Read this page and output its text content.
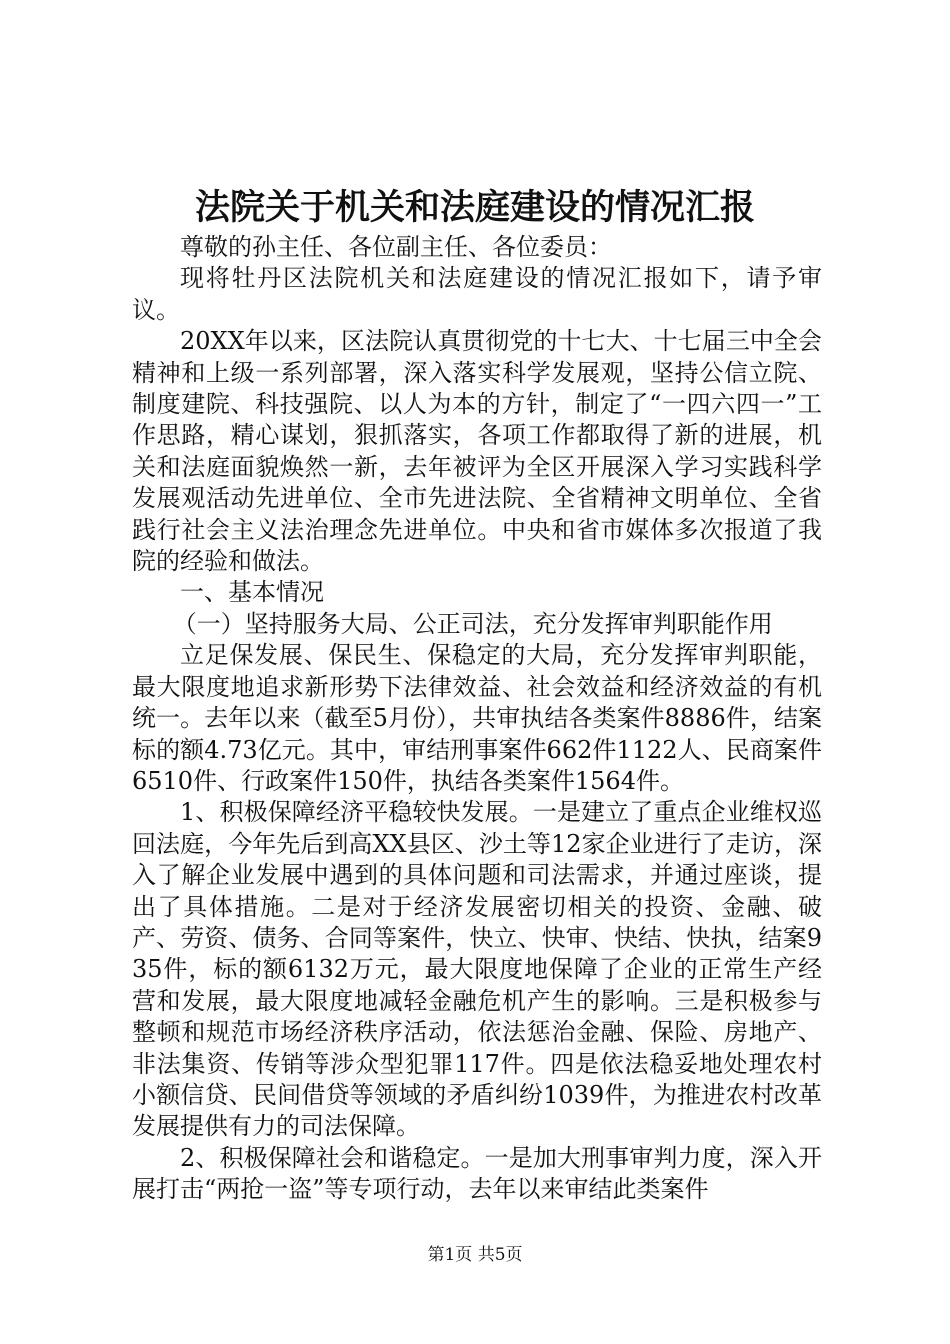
法院关于机关和法庭建设的情况汇报

尊敬的孙主任、各位副主任、各位委员：

现将牡丹区法院机关和法庭建设的情况汇报如下，请予审议。

20XX年以来，区法院认真贯彻党的十七大、十七届三中全会精神和上级一系列部署，深入落实科学发展观，坚持公信立院、制度建院、科技强院、以人为本的方针，制定了“一四六四一”工作思路，精心谋划，狠抓落实，各项工作都取得了新的进展，机关和法庭面貌焕然一新，去年被评为全区开展深入学习实践科学发展观活动先进单位、全市先进法院、全省精神文明单位、全省践行社会主义法治理念先进单位。中央和省市媒体多次报道了我院的经验和做法。

一、基本情况

（一）坚持服务大局、公正司法，充分发挥审判职能作用

立足保发展、保民生、保稳定的大局，充分发挥审判职能，最大限度地追求新形势下法律效益、社会效益和经济效益的有机统一。去年以来（截至5月份），共审执结各类案件8886件，结案标的额4.73亿元。其中，审结刑事案件662件1122人、民商案件6510件、行政案件150件，执结各类案件1564件。

1、积极保障经济平稳较快发展。一是建立了重点企业维权巡回法庭，今年先后到高XX县区、沙土等12家企业进行了走访，深入了解企业发展中遇到的具体问题和司法需求，并通过座谈，提出了具体措施。二是对于经济发展密切相关的投资、金融、破产、劳资、债务、合同等案件，快立、快审、快结、快执，结案935件，标的额6132万元，最大限度地保障了企业的正常生产经营和发展，最大限度地减轻金融危机产生的影响。三是积极参与整顿和规范市场经济秩序活动，依法惩治金融、保险、房地产、非法集资、传销等涉众型犯罪117件。四是依法稳妥地处理农村小额信贷、民间借贷等领域的矛盾纠纷1039件，为推进农村改革发展提供有力的司法保障。

2、积极保障社会和谐稳定。一是加大刑事审判力度，深入开展打击“两抢一盗”等专项行动，去年以来审结此类案件

第1页 共5页
